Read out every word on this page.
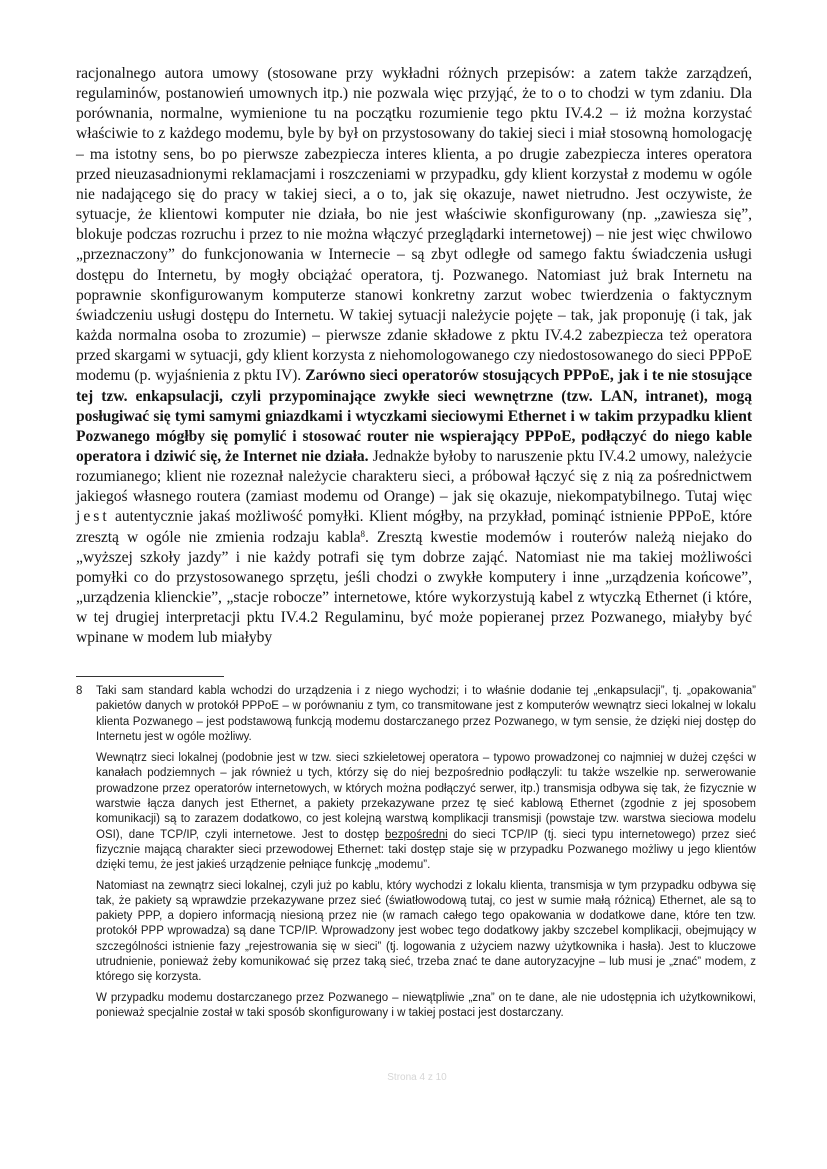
racjonalnego autora umowy (stosowane przy wykładni różnych przepisów: a zatem także zarządzeń, regulaminów, postanowień umownych itp.) nie pozwala więc przyjąć, że to o to chodzi w tym zdaniu. Dla porównania, normalne, wymienione tu na początku rozumienie tego pktu IV.4.2 – iż można korzystać właściwie to z każdego modemu, byle by był on przystosowany do takiej sieci i miał stosowną homologację – ma istotny sens, bo po pierwsze zabezpiecza interes klienta, a po drugie zabezpiecza interes operatora przed nieuzasadnionymi reklamacjami i roszczeniami w przypadku, gdy klient korzystał z modemu w ogóle nie nadającego się do pracy w takiej sieci, a o to, jak się okazuje, nawet nietrudno. Jest oczywiste, że sytuacje, że klientowi komputer nie działa, bo nie jest właściwie skonfigurowany (np. „zawiesza się”, blokuje podczas rozruchu i przez to nie można włączyć przeglądarki internetowej) – nie jest więc chwilowo „przeznaczony” do funkcjonowania w Internecie – są zbyt odległe od samego faktu świadczenia usługi dostępu do Internetu, by mogły obciążać operatora, tj. Pozwanego. Natomiast już brak Internetu na poprawnie skonfigurowanym komputerze stanowi konkretny zarzut wobec twierdzenia o faktycznym świadczeniu usługi dostępu do Internetu. W takiej sytuacji należycie pojęte – tak, jak proponuję (i tak, jak każda normalna osoba to zrozumie) – pierwsze zdanie składowe z pktu IV.4.2 zabezpiecza też operatora przed skargami w sytuacji, gdy klient korzysta z niehomologowanego czy niedostosowanego do sieci PPPoE modemu (p. wyjaśnienia z pktu IV). Zarówno sieci operatorów stosujących PPPoE, jak i te nie stosujące tej tzw. enkapsulacji, czyli przypominające zwykłe sieci wewnętrzne (tzw. LAN, intranet), mogą posługiwać się tymi samymi gniazdkami i wtyczkami sieciowymi Ethernet i w takim przypadku klient Pozwanego mógłby się pomylić i stosować router nie wspierający PPPoE, podłączyć do niego kable operatora i dziwić się, że Internet nie działa. Jednakże byłoby to naruszenie pktu IV.4.2 umowy, należycie rozumianego; klient nie rozeznał należycie charakteru sieci, a próbował łączyć się z nią za pośrednictwem jakiegoś własnego routera (zamiast modemu od Orange) – jak się okazuje, niekompatybilnego. Tutaj więc jest autentycznie jakaś możliwość pomyłki. Klient mógłby, na przykład, pominąć istnienie PPPoE, które zresztą w ogóle nie zmienia rodzaju kabla$^8$. Zresztą kwestie modemów i routerów należą niejako do „wyższej szkoły jazdy” i nie każdy potrafi się tym dobrze zająć. Natomiast nie ma takiej możliwości pomyłki co do przystosowanego sprzętu, jeśli chodzi o zwykłe komputery i inne „urządzenia końcowe”, „urządzenia klienckie”, „stacje robocze” internetowe, które wykorzystują kabel z wtyczką Ethernet (i które, w tej drugiej interpretacji pktu IV.4.2 Regulaminu, być może popieranej przez Pozwanego, miałyby być wpinane w modem lub miałyby

8	Taki sam standard kabla wchodzi do urządzenia i z niego wychodzi; i to właśnie dodanie tej „enkapsulacji”, tj. „opakowania” pakietów danych w protokół PPPoE – w porównaniu z tym, co transmitowane jest z komputerów wewnątrz sieci lokalnej w lokalu klienta Pozwanego – jest podstawową funkcją modemu dostarczanego przez Pozwanego, w tym sensie, że dzięki niej dostęp do Internetu jest w ogóle możliwy.

Wewnątrz sieci lokalnej (podobnie jest w tzw. sieci szkieletowej operatora – typowo prowadzonej co najmniej w dużej części w kanałach podziemnych – jak również u tych, którzy się do niej bezpośrednio podłączyli: tu także wszelkie np. serwerowanie prowadzone przez operatorów internetowych, w których można podłączyć serwer, itp.) transmisja odbywa się tak, że fizycznie w warstwie łącza danych jest Ethernet, a pakiety przekazywane przez tę sieć kablową Ethernet (zgodnie z jej sposobem komunikacji) są to zarazem dodatkowo, co jest kolejną warstwą komplikacji transmisji (powstaje tzw. warstwa sieciowa modelu OSI), dane TCP/IP, czyli internetowe. Jest to dostęp bezpośredni do sieci TCP/IP (tj. sieci typu internetowego) przez sieć fizycznie mającą charakter sieci przewodowej Ethernet: taki dostęp staje się w przypadku Pozwanego możliwy u jego klientów dzięki temu, że jest jakieś urządzenie pełniące funkcję „modemu”.

Natomiast na zewnątrz sieci lokalnej, czyli już po kablu, który wychodzi z lokalu klienta, transmisja w tym przypadku odbywa się tak, że pakiety są wprawdzie przekazywane przez sieć (światłowodową tutaj, co jest w sumie małą różnicą) Ethernet, ale są to pakiety PPP, a dopiero informacją niesioną przez nie (w ramach całego tego opakowania w dodatkowe dane, które ten tzw. protokół PPP wprowadza) są dane TCP/IP. Wprowadzony jest wobec tego dodatkowy jakby szczebel komplikacji, obejmujący w szczególności istnienie fazy „rejestrowania się w sieci” (tj. logowania z użyciem nazwy użytkownika i hasła). Jest to kluczowe utrudnienie, ponieważ żeby komunikować się przez taką sieć, trzeba znać te dane autoryzacyjne – lub musi je „znać” modem, z którego się korzysta.

W przypadku modemu dostarczanego przez Pozwanego – niewątpliwie „zna” on te dane, ale nie udostępnia ich użytkownikowi, ponieważ specjalnie został w taki sposób skonfigurowany i w takiej postaci jest dostarczany.

Strona 4 z 10
